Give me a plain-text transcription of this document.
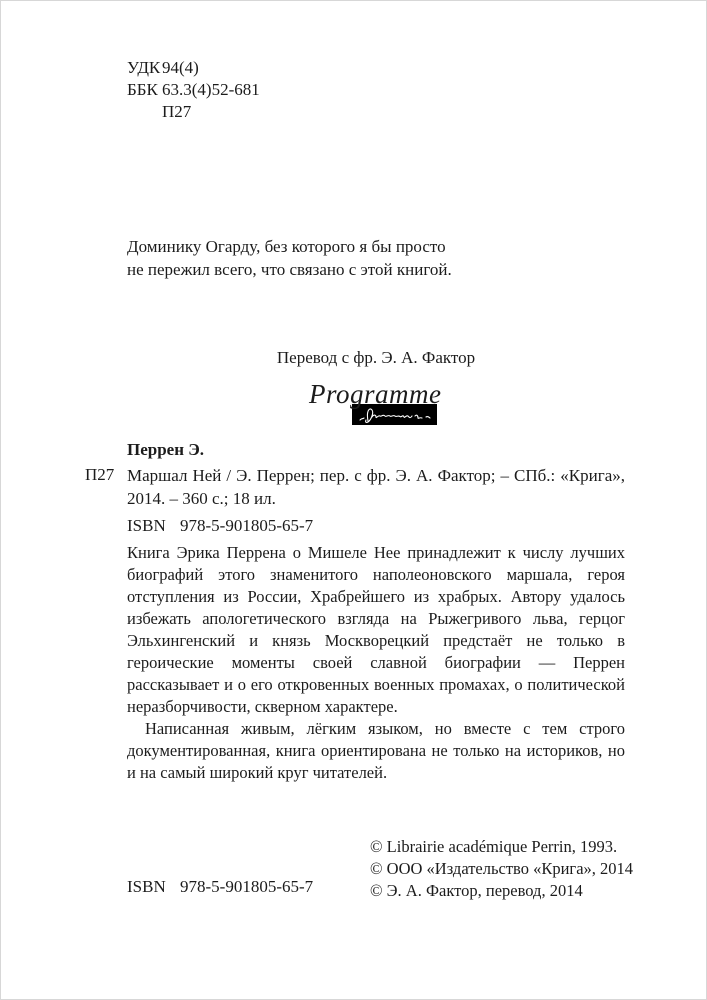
УДК 94(4)
ББК 63.3(4)52-681
П27
Доминику Огарду, без которого я бы просто
не пережил всего, что связано с этой книгой.
Перевод с фр. Э. А. Фактор
Programme
Перрен Э.
П27 Маршал Ней / Э. Перрен; пер. с фр. Э. А. Фактор; – СПб.: «Крига», 2014. – 360 с.; 18 ил.
ISBN 978-5-901805-65-7

Книга Эрика Перрена о Мишеле Нее принадлежит к числу лучших биографий этого знаменитого наполеоновского маршала, героя отступления из России, Храбрейшего из храбрых. Автору удалось избежать апологетического взгляда на Рыжегривого льва, герцог Эльхингенский и князь Москворецкий предстаёт не только в героические моменты своей славной биографии — Перрен рассказывает и о его откровенных военных промахах, о политической неразборчивости, скверном характере.

Написанная живым, лёгким языком, но вместе с тем строго документированная, книга ориентирована не только на историков, но и на самый широкий круг читателей.

© Librairie académique Perrin, 1993.
© ООО «Издательство «Крига», 2014
© Э. А. Фактор, перевод, 2014
ISBN 978-5-901805-65-7
